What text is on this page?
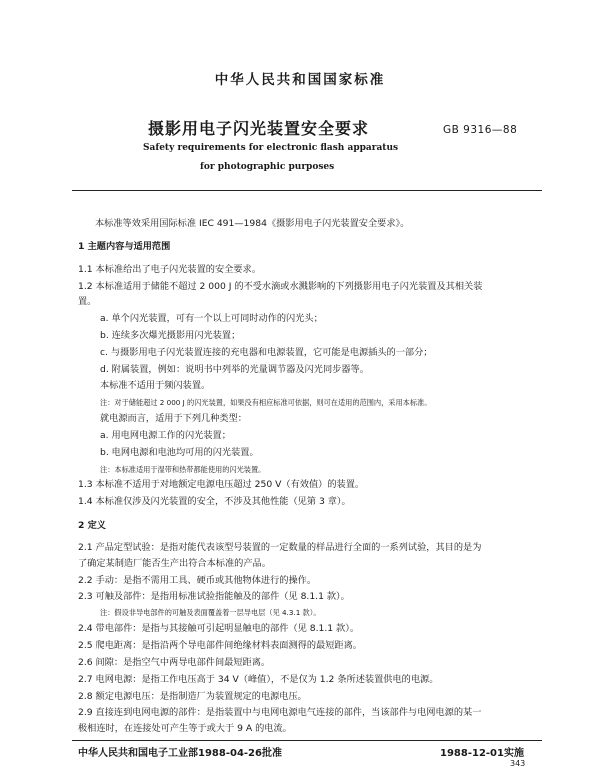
中华人民共和国国家标准
摄影用电子闪光装置安全要求	GB 9316—88
Safety requirements for electronic flash apparatus
for photographic purposes
本标准等效采用国际标准 IEC 491—1984《摄影用电子闪光装置安全要求》。
1 主题内容与适用范围
1.1 本标准给出了电子闪光装置的安全要求。
1.2 本标准适用于储能不超过 2 000 J 的不受水滴或水溅影响的下列摄影用电子闪光装置及其相关装
置。
a. 单个闪光装置，可有一个以上可同时动作的闪光头；
b. 连续多次爆光摄影用闪光装置；
c. 与摄影用电子闪光装置连接的充电器和电源装置，它可能是电源插头的一部分；
d. 附属装置，例如：说明书中列举的光量调节器及闪光同步器等。
本标准不适用于频闪装置。
注：对于储能超过 2 000 J 的闪光装置，如果没有相应标准可依据，则可在适用的范围内，采用本标准。
就电源而言，适用于下列几种类型：
a. 用电网电源工作的闪光装置；
b. 电网电源和电池均可用的闪光装置。
注：本标准适用于湿带和热带都能使用的闪光装置。
1.3 本标准不适用于对地额定电源电压超过 250 V（有效值）的装置。
1.4 本标准仅涉及闪光装置的安全，不涉及其他性能（见第 3 章）。
2 定义
2.1 产品定型试验：是指对能代表该型号装置的一定数量的样品进行全面的一系列试验，其目的是为
了确定某制造厂能否生产出符合本标准的产品。
2.2 手动：是指不需用工具、硬币或其他物体进行的操作。
2.3 可触及部件：是指用标准试验指能触及的部件（见 8.1.1 款）。
注：假设非导电部件的可触及表面覆盖着一层导电层（见 4.3.1 款）。
2.4 带电部件：是指与其接触可引起明显触电的部件（见 8.1.1 款）。
2.5 爬电距离：是指沿两个导电部件间绝缘材料表面测得的最短距离。
2.6 间隙：是指空气中两导电部件间最短距离。
2.7 电网电源：是指工作电压高于 34 V（峰值），不是仅为 1.2 条所述装置供电的电源。
2.8 额定电源电压：是指制造厂为装置规定的电源电压。
2.9 直接连到电网电源的部件：是指装置中与电网电源电气连接的部件，当该部件与电网电源的某一
极相连时，在连接处可产生等于或大于 9 A 的电流。
中华人民共和国电子工业部1988-04-26批准	1988-12-01实施
343
